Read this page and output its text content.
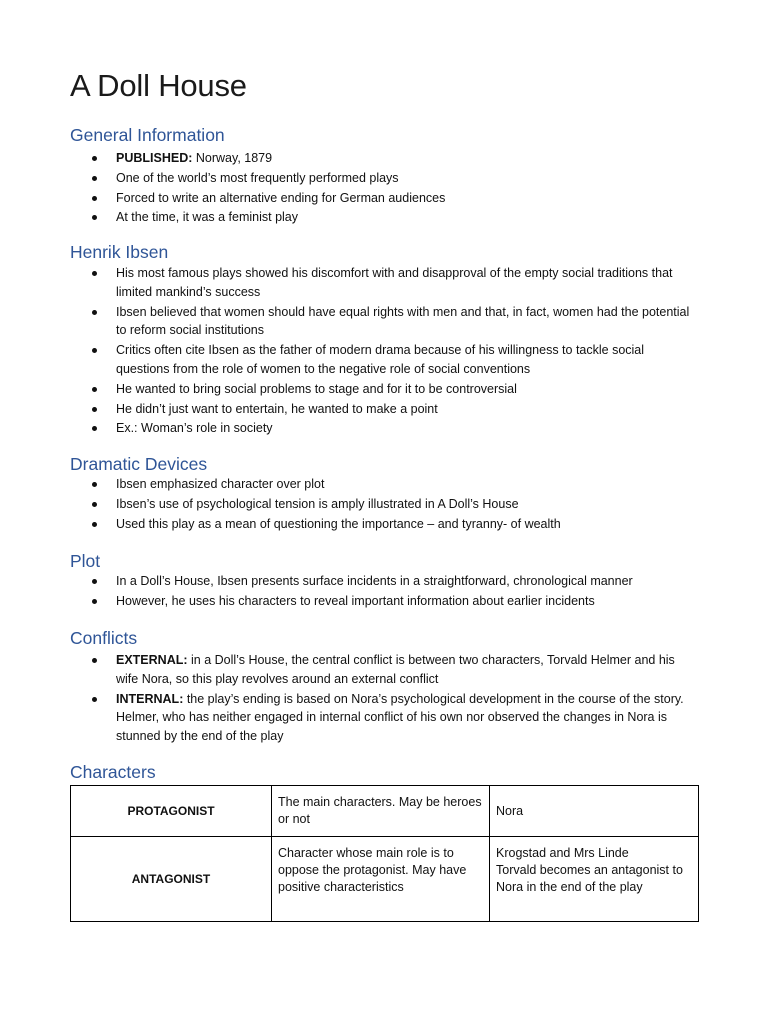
A Doll House
General Information
PUBLISHED: Norway, 1879
One of the world’s most frequently performed plays
Forced to write an alternative ending for German audiences
At the time, it was a feminist play
Henrik Ibsen
His most famous plays showed his discomfort with and disapproval of the empty social traditions that limited mankind’s success
Ibsen believed that women should have equal rights with men and that, in fact, women had the potential to reform social institutions
Critics often cite Ibsen as the father of modern drama because of his willingness to tackle social questions from the role of women to the negative role of social conventions
He wanted to bring social problems to stage and for it to be controversial
He didn’t just want to entertain, he wanted to make a point
Ex.: Woman’s role in society
Dramatic Devices
Ibsen emphasized character over plot
Ibsen’s use of psychological tension is amply illustrated in A Doll’s House
Used this play as a mean of questioning the importance – and tyranny- of wealth
Plot
In a Doll’s House, Ibsen presents surface incidents in a straightforward, chronological manner
However, he uses his characters to reveal important information about earlier incidents
Conflicts
EXTERNAL: in a Doll’s House, the central conflict is between two characters, Torvald Helmer and his wife Nora, so this play revolves around an external conflict
INTERNAL: the play’s ending is based on Nora’s psychological development in the course of the story. Helmer, who has neither engaged in internal conflict of his own nor observed the changes in Nora is stunned by the end of the play
Characters
PROTAGONIST	The main characters. May be heroes or not	Nora

ANTAGONIST	Character whose main role is to oppose the protagonist. May have positive characteristics	Krogstad and Mrs Linde
Torvald becomes an antagonist to Nora in the end of the play
